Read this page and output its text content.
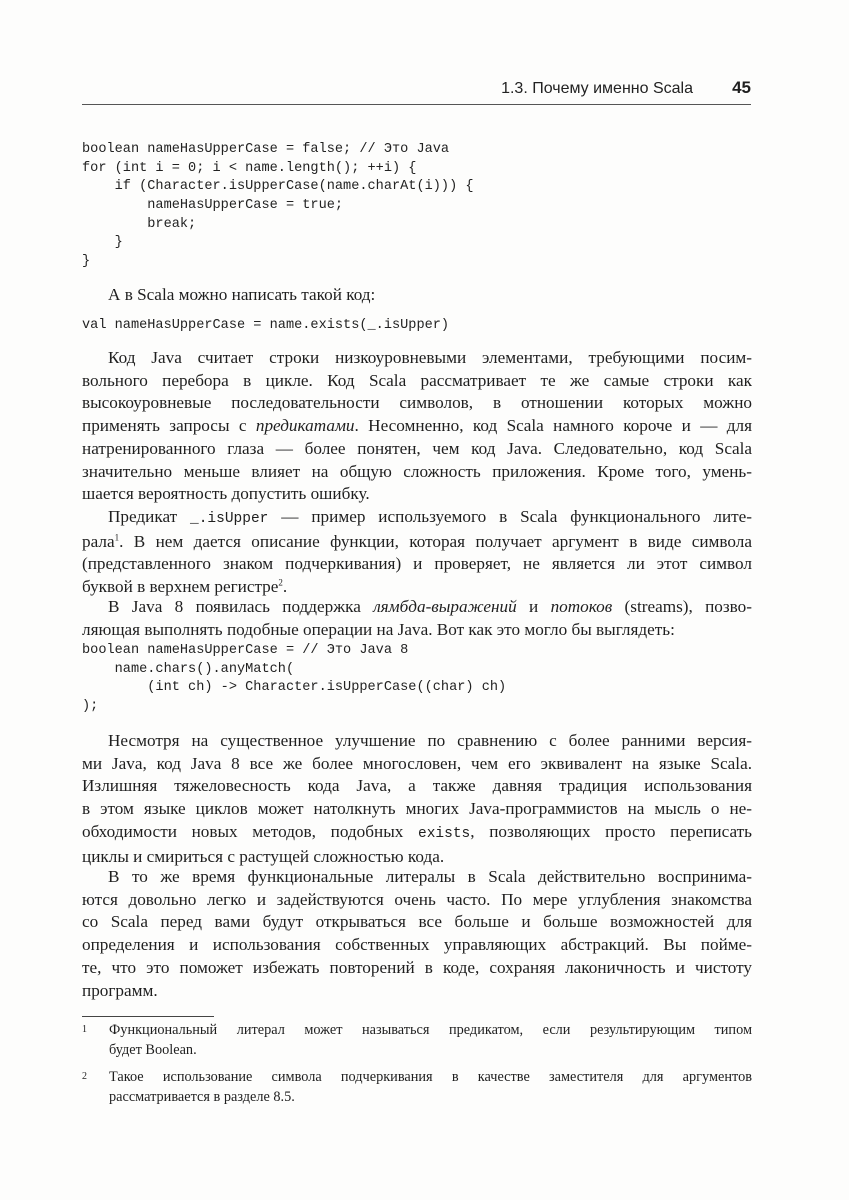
1.3. Почему именно Scala 45
boolean nameHasUpperCase = false; // Это Java
for (int i = 0; i < name.length(); ++i) {
if (Character.isUpperCase(name.charAt(i))) {
nameHasUpperCase = true;
break;
}
}

А в Scala можно написать такой код:

val nameHasUpperCase = name.exists(_.isUpper)

Код Java считает строки низкоуровневыми элементами, требующими посим-
вольного перебора в цикле. Код Scala рассматривает те же самые строки как
высокоуровневые последовательности символов, в отношении которых можно
применять запросы с предикатами. Несомненно, код Scala намного короче и — для
натренированного глаза — более понятен, чем код Java. Следовательно, код Scala
значительно меньше влияет на общую сложность приложения. Кроме того, умень-
шается вероятность допустить ошибку.

Предикат _.isUpper — пример используемого в Scala функционального лите-
рала$^1$. В нем дается описание функции, которая получает аргумент в виде символа
(представленного знаком подчеркивания) и проверяет, не является ли этот символ
буквой в верхнем регистре$^2$.

В Java 8 появилась поддержка лямбда-выражений и потоков (streams), позво-
ляющая выполнять подобные операции на Java. Вот как это могло бы выглядеть:

boolean nameHasUpperCase = // Это Java 8
name.chars().anyMatch(
(int ch) -> Character.isUpperCase((char) ch)
);

Несмотря на существенное улучшение по сравнению с более ранними версия-
ми Java, код Java 8 все же более многословен, чем его эквивалент на языке Scala.
Излишняя тяжеловесность кода Java, а также давняя традиция использования
в этом языке циклов может натолкнуть многих Java-программистов на мысль о не-
обходимости новых методов, подобных exists, позволяющих просто переписать
циклы и смириться с растущей сложностью кода.

В то же время функциональные литералы в Scala действительно воспринима-
ются довольно легко и задействуются очень часто. По мере углубления знакомства
со Scala перед вами будут открываться все больше и больше возможностей для
определения и использования собственных управляющих абстракций. Вы пойме-
те, что это поможет избежать повторений в коде, сохраняя лаконичность и чистоту
программ.

1 Функциональный литерал может называться предикатом, если результирующим типом
будет Boolean.
2 Такое использование символа подчеркивания в качестве заместителя для аргументов
рассматривается в разделе 8.5.
